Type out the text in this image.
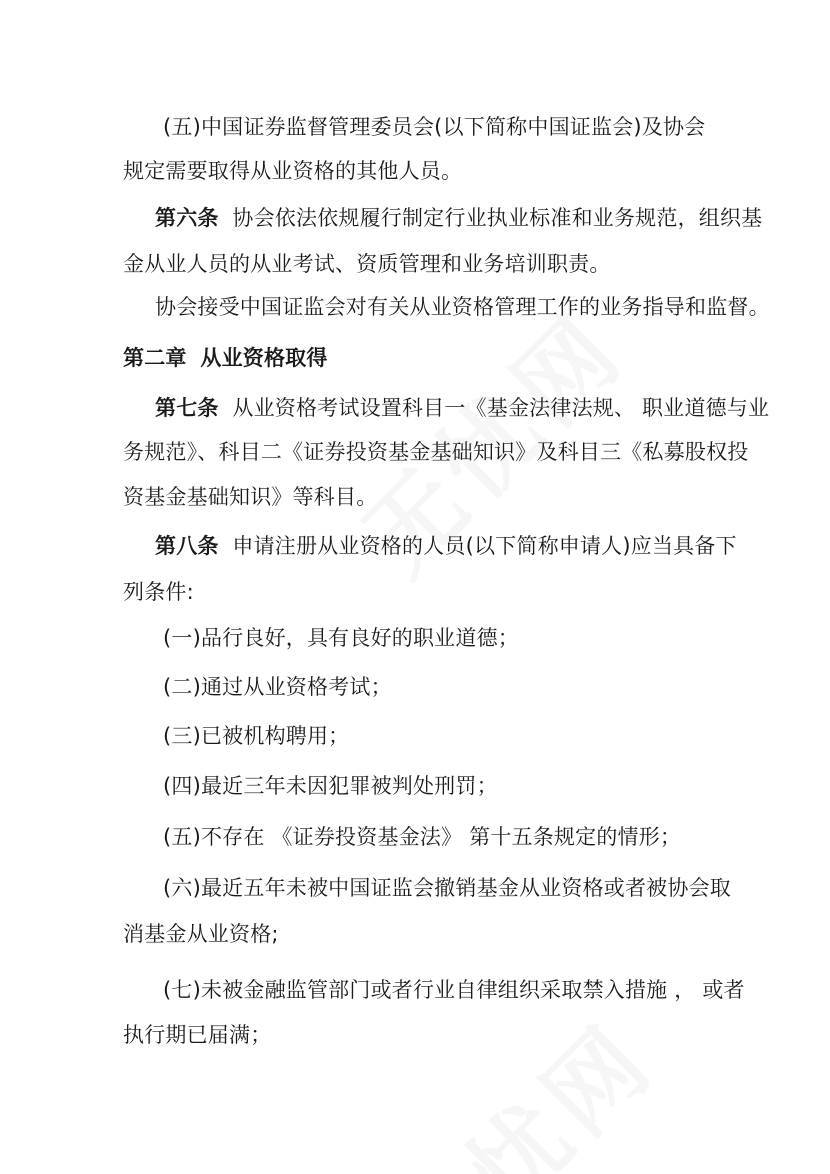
(五)中国证券监督管理委员会(以下简称中国证监会)及协会
规定需要取得从业资格的其他人员。
第六条 协会依法依规履行制定行业执业标准和业务规范，组织基
金从业人员的从业考试、资质管理和业务培训职责。
协会接受中国证监会对有关从业资格管理工作的业务指导和监督。
第二章 从业资格取得
第七条 从业资格考试设置科目一《基金法律法规、 职业道德与业
务规范》、科目二《证券投资基金基础知识》及科目三《私募股权投
资基金基础知识》等科目。
第八条 申请注册从业资格的人员(以下简称申请人)应当具备下
列条件:
(一)品行良好，具有良好的职业道德；
(二)通过从业资格考试；
(三)已被机构聘用；
(四)最近三年未因犯罪被判处刑罚；
(五)不存在 《证券投资基金法》 第十五条规定的情形；
(六)最近五年未被中国证监会撤销基金从业资格或者被协会取
消基金从业资格;
(七)未被金融监管部门或者行业自律组织采取禁入措施 ， 或者
执行期已届满；
